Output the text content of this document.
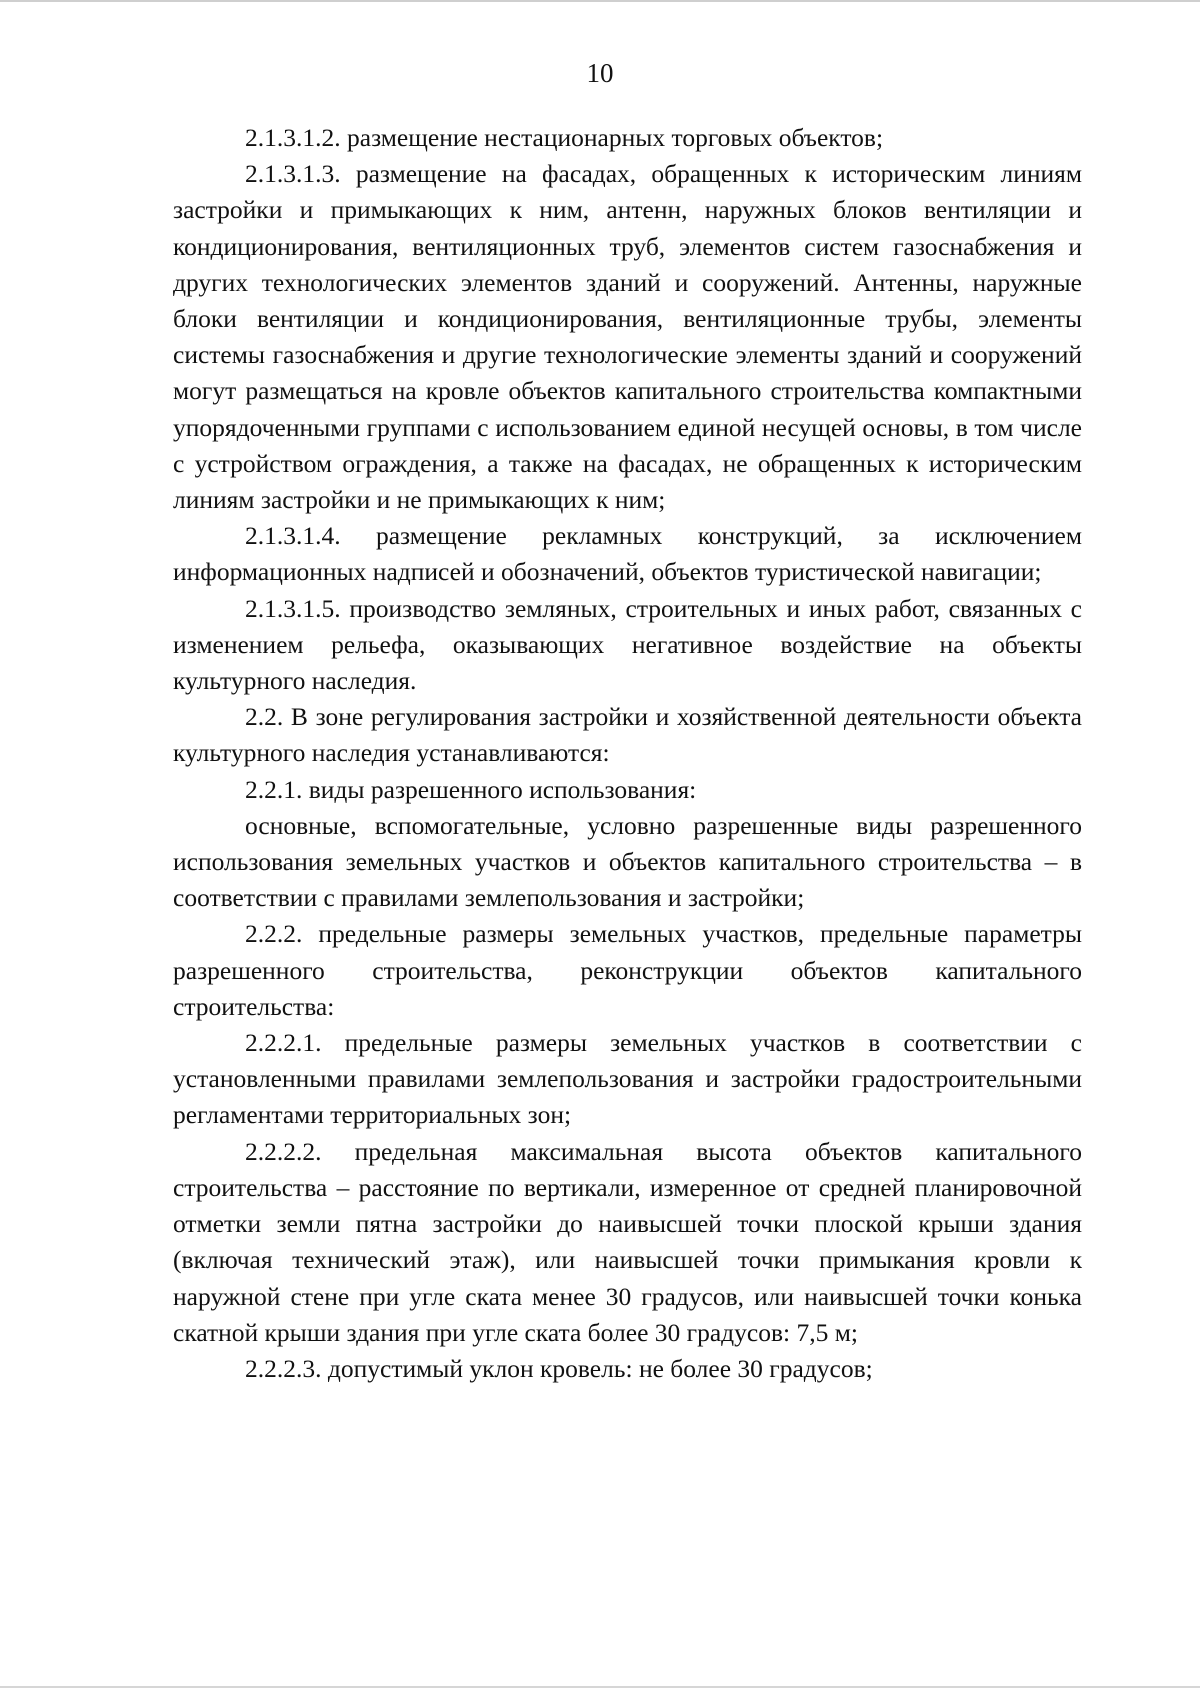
10

2.1.3.1.2. размещение нестационарных торговых объектов;

2.1.3.1.3. размещение на фасадах, обращенных к историческим линиям застройки и примыкающих к ним, антенн, наружных блоков вентиляции и кондиционирования, вентиляционных труб, элементов систем газоснабжения и других технологических элементов зданий и сооружений. Антенны, наружные блоки вентиляции и кондиционирования, вентиляционные трубы, элементы системы газоснабжения и другие технологические элементы зданий и сооружений могут размещаться на кровле объектов капитального строительства компактными упорядоченными группами с использованием единой несущей основы, в том числе с устройством ограждения, а также на фасадах, не обращенных к историческим линиям застройки и не примыкающих к ним;

2.1.3.1.4. размещение рекламных конструкций, за исключением информационных надписей и обозначений, объектов туристической навигации;

2.1.3.1.5. производство земляных, строительных и иных работ, связанных с изменением рельефа, оказывающих негативное воздействие на объекты культурного наследия.

2.2. В зоне регулирования застройки и хозяйственной деятельности объекта культурного наследия устанавливаются:

2.2.1. виды разрешенного использования:

основные, вспомогательные, условно разрешенные виды разрешенного использования земельных участков и объектов капитального строительства – в соответствии с правилами землепользования и застройки;

2.2.2. предельные размеры земельных участков, предельные параметры разрешенного строительства, реконструкции объектов капитального строительства:

2.2.2.1. предельные размеры земельных участков в соответствии с установленными правилами землепользования и застройки градостроительными регламентами территориальных зон;

2.2.2.2. предельная максимальная высота объектов капитального строительства – расстояние по вертикали, измеренное от средней планировочной отметки земли пятна застройки до наивысшей точки плоской крыши здания (включая технический этаж), или наивысшей точки примыкания кровли к наружной стене при угле ската менее 30 градусов, или наивысшей точки конька скатной крыши здания при угле ската более 30 градусов: 7,5 м;

2.2.2.3. допустимый уклон кровель: не более 30 градусов;
